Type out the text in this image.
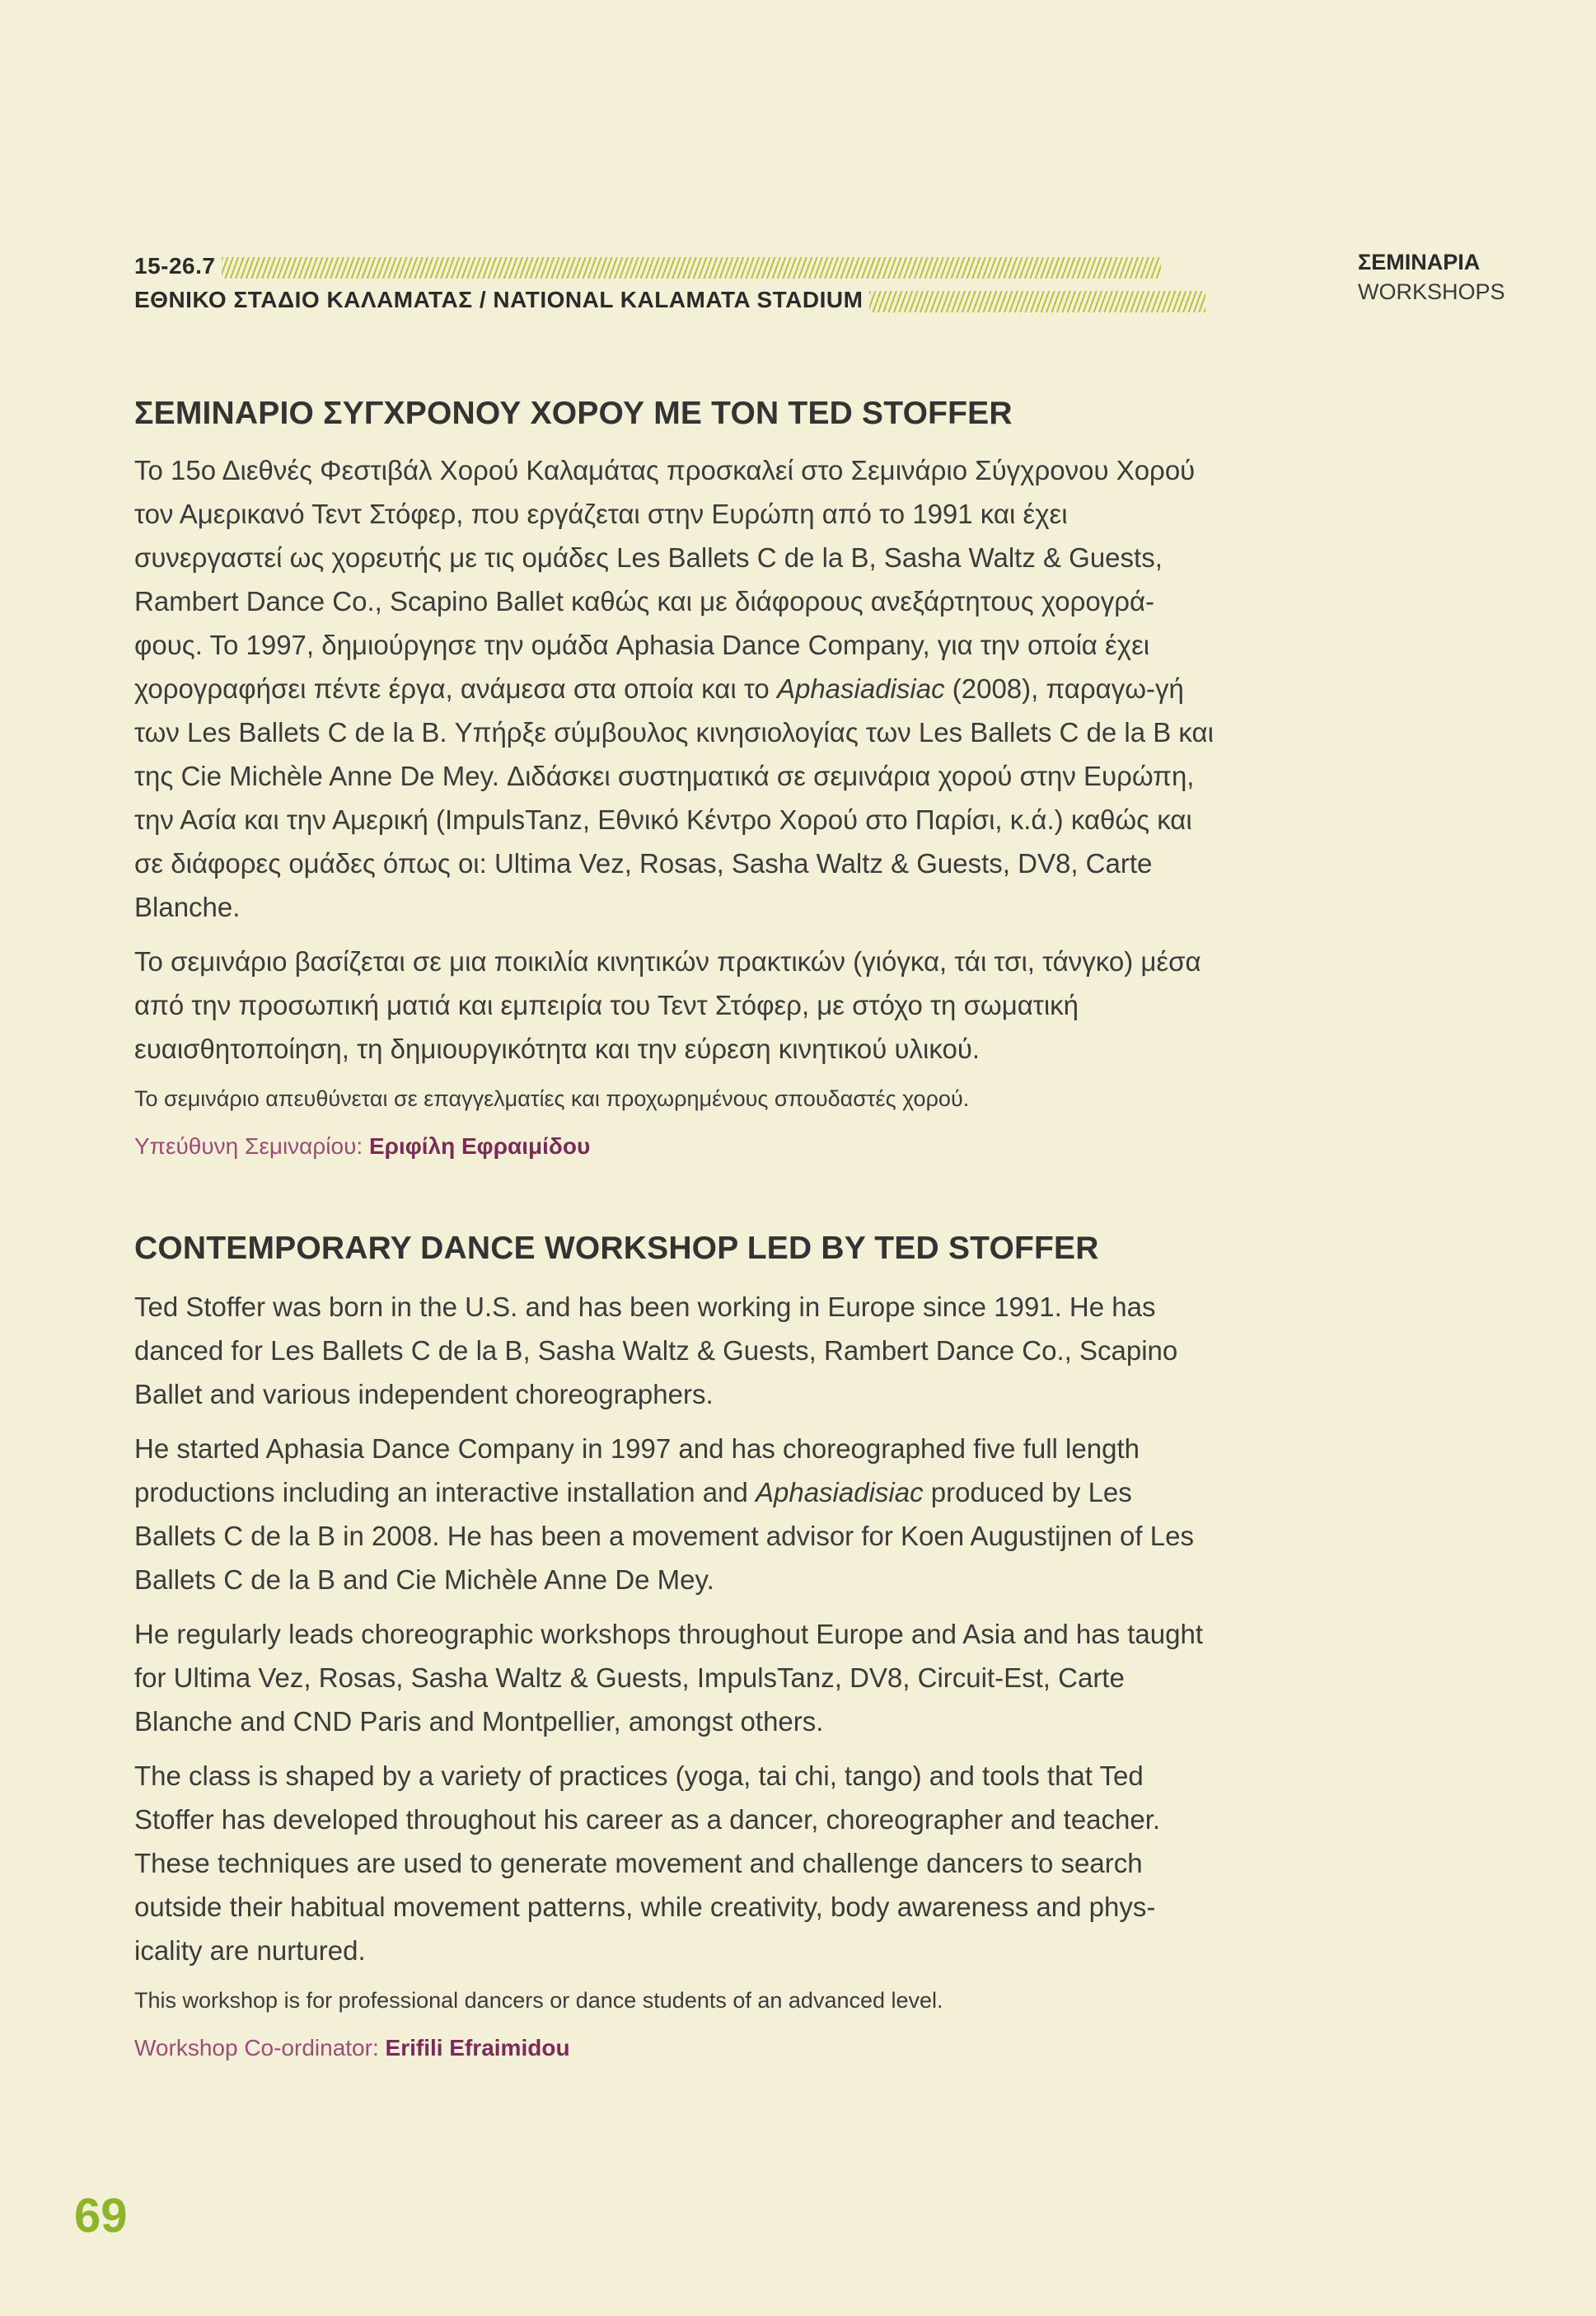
15-26.7
ΕΘΝΙΚΟ ΣΤΑΔΙΟ ΚΑΛΑΜΑΤΑΣ / NATIONAL KALAMATA STADIUM
ΣΕΜΙΝΑΡΙΑ
WORKSHOPS
ΣΕΜΙΝΑΡΙΟ ΣΥΓΧΡΟΝΟΥ ΧΟΡΟΥ ΜΕ ΤΟΝ TED STOFFER

Το 15ο Διεθνές Φεστιβάλ Χορού Καλαμάτας προσκαλεί στο Σεμινάριο Σύγχρονου Χορού τον Αμερικανό Τεντ Στόφερ, που εργάζεται στην Ευρώπη από το 1991 και έχει συνεργαστεί ως χορευτής με τις ομάδες Les Ballets C de la B, Sasha Waltz & Guests, Rambert Dance Co., Scapino Ballet καθώς και με διάφορους ανεξάρτητους χορογρά-φους. Το 1997, δημιούργησε την ομάδα Aphasia Dance Company, για την οποία έχει χορογραφήσει πέντε έργα, ανάμεσα στα οποία και το Aphasiadisiac (2008), παραγω-γή των Les Ballets C de la B. Υπήρξε σύμβουλος κινησιολογίας των Les Ballets C de la B και της Cie Michèle Anne De Mey. Διδάσκει συστηματικά σε σεμινάρια χορού στην Ευρώπη, την Ασία και την Αμερική (ImpulsTanz, Εθνικό Κέντρο Χορού στο Παρίσι, κ.ά.) καθώς και σε διάφορες ομάδες όπως οι: Ultima Vez, Rosas, Sasha Waltz & Guests, DV8, Carte Blanche.

Το σεμινάριο βασίζεται σε μια ποικιλία κινητικών πρακτικών (γιόγκα, τάι τσι, τάνγκο) μέσα από την προσωπική ματιά και εμπειρία του Τεντ Στόφερ, με στόχο τη σωματική ευαισθητοποίηση, τη δημιουργικότητα και την εύρεση κινητικού υλικού.

Το σεμινάριο απευθύνεται σε επαγγελματίες και προχωρημένους σπουδαστές χορού.

Υπεύθυνη Σεμιναρίου: Εριφίλη Εφραιμίδου

CONTEMPORARY DANCE WORKSHOP LED BY TED STOFFER

Ted Stoffer was born in the U.S. and has been working in Europe since 1991. He has danced for Les Ballets C de la B, Sasha Waltz & Guests, Rambert Dance Co., Scapino Ballet and various independent choreographers.

He started Aphasia Dance Company in 1997 and has choreographed five full length productions including an interactive installation and Aphasiadisiac produced by Les Ballets C de la B in 2008. He has been a movement advisor for Koen Augustijnen of Les Ballets C de la B and Cie Michèle Anne De Mey.

He regularly leads choreographic workshops throughout Europe and Asia and has taught for Ultima Vez, Rosas, Sasha Waltz & Guests, ImpulsTanz, DV8, Circuit-Est, Carte Blanche and CND Paris and Montpellier, amongst others.

The class is shaped by a variety of practices (yoga, tai chi, tango) and tools that Ted Stoffer has developed throughout his career as a dancer, choreographer and teacher. These techniques are used to generate movement and challenge dancers to search outside their habitual movement patterns, while creativity, body awareness and phys-icality are nurtured.

This workshop is for professional dancers or dance students of an advanced level.

Workshop Co-ordinator: Erifili Efraimidou

69
